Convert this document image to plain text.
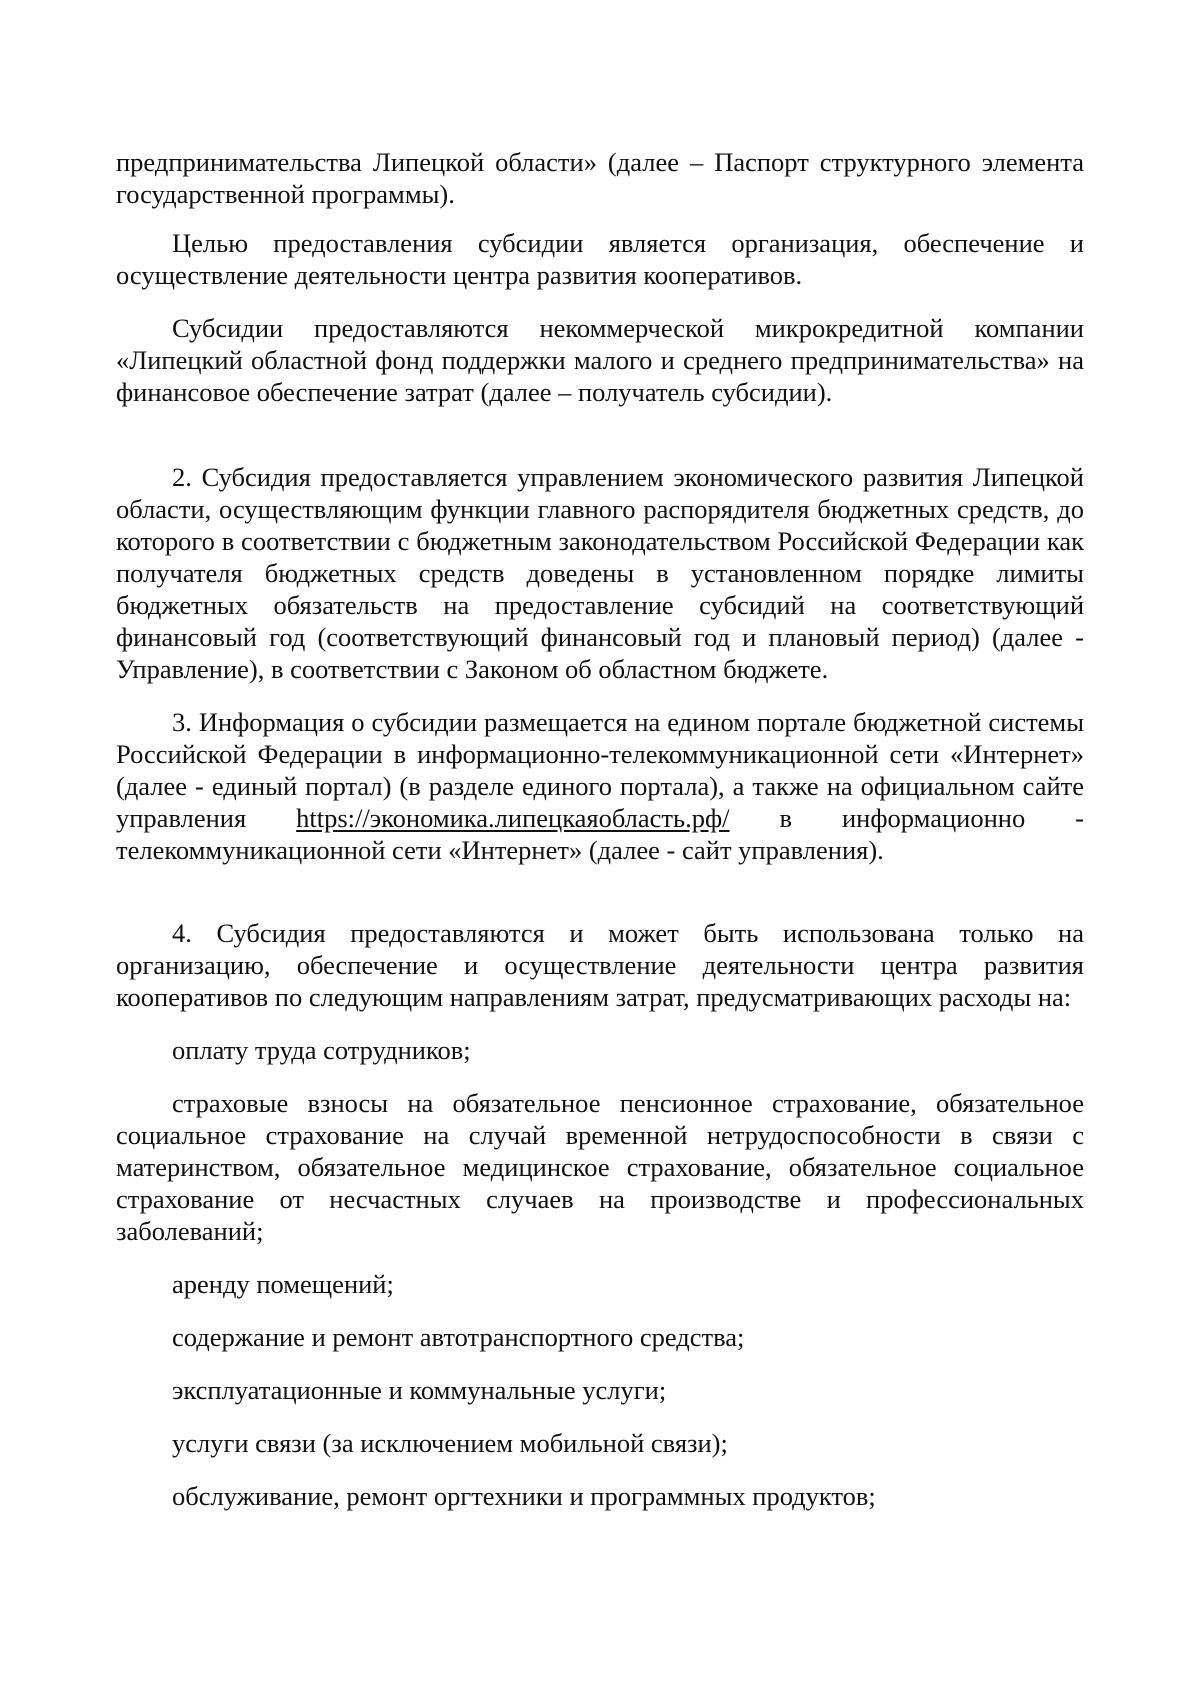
предпринимательства Липецкой области» (далее – Паспорт структурного элемента государственной программы).

Целью предоставления субсидии является организация, обеспечение и осуществление деятельности центра развития кооперативов.

Субсидии предоставляются некоммерческой микрокредитной компании «Липецкий областной фонд поддержки малого и среднего предпринимательства» на финансовое обеспечение затрат (далее – получатель субсидии).

2. Субсидия предоставляется управлением экономического развития Липецкой области, осуществляющим функции главного распорядителя бюджетных средств, до которого в соответствии с бюджетным законодательством Российской Федерации как получателя бюджетных средств доведены в установленном порядке лимиты бюджетных обязательств на предоставление субсидий на соответствующий финансовый год (соответствующий финансовый год и плановый период) (далее - Управление), в соответствии с Законом об областном бюджете.

3. Информация о субсидии размещается на едином портале бюджетной системы Российской Федерации в информационно-телекоммуникационной сети «Интернет» (далее - единый портал) (в разделе единого портала), а также на официальном сайте управления https://экономика.липецкаяобласть.рф/ в информационно - телекоммуникационной сети «Интернет» (далее - сайт управления).

4. Субсидия предоставляются и может быть использована только на организацию, обеспечение и осуществление деятельности центра развития кооперативов по следующим направлениям затрат, предусматривающих расходы на:

оплату труда сотрудников;

страховые взносы на обязательное пенсионное страхование, обязательное социальное страхование на случай временной нетрудоспособности в связи с материнством, обязательное медицинское страхование, обязательное социальное страхование от несчастных случаев на производстве и профессиональных заболеваний;

аренду помещений;

содержание и ремонт автотранспортного средства;

эксплуатационные и коммунальные услуги;

услуги связи (за исключением мобильной связи);

обслуживание, ремонт оргтехники и программных продуктов;
